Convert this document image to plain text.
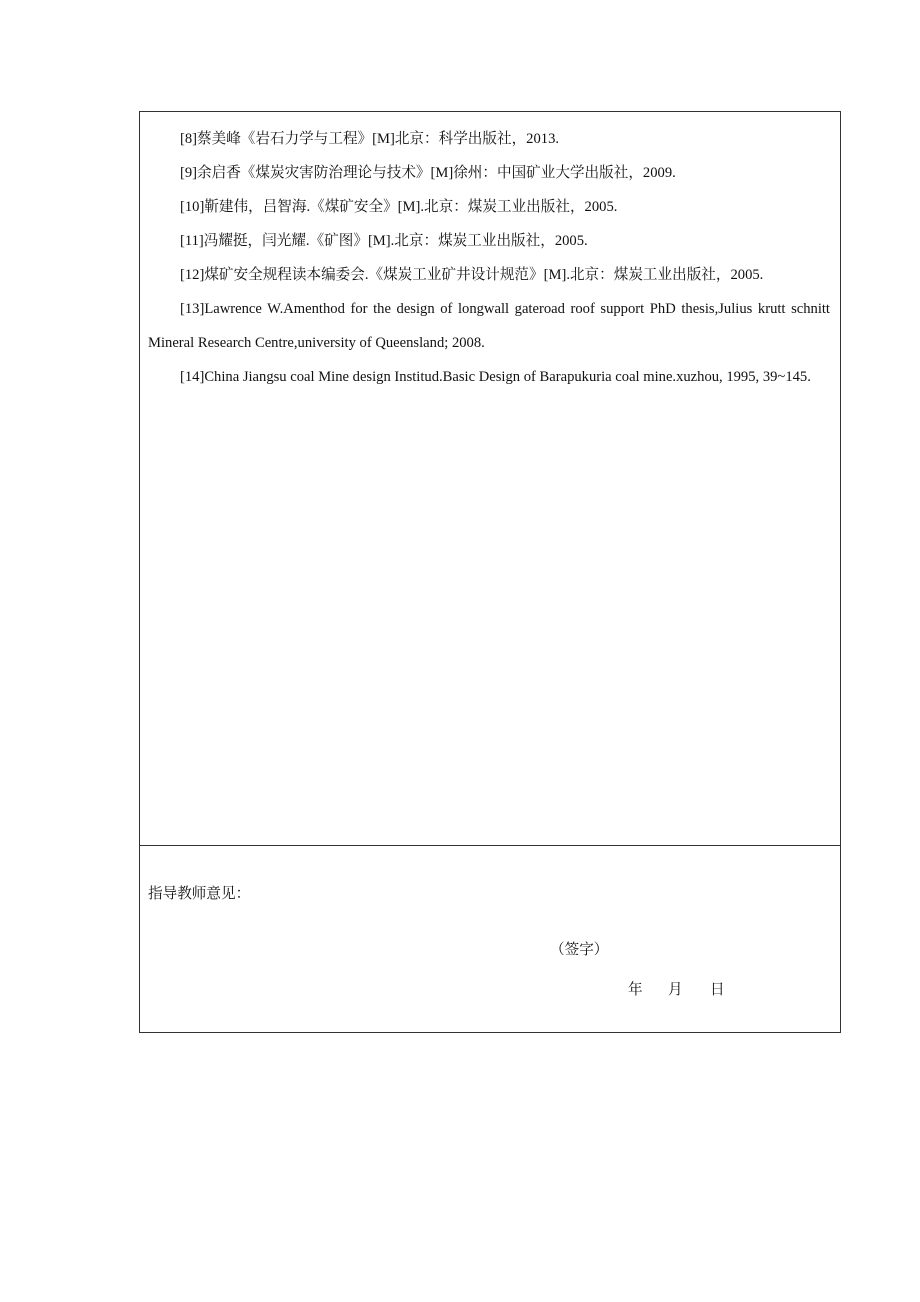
[8]蔡美峰《岩石力学与工程》[M]北京：科学出版社，2013.

[9]余启香《煤炭灾害防治理论与技术》[M]徐州：中国矿业大学出版社，2009.

[10]靳建伟，吕智海.《煤矿安全》[M].北京：煤炭工业出版社，2005.

[11]冯耀挺，闫光耀.《矿图》[M].北京：煤炭工业出版社，2005.

[12]煤矿安全规程读本编委会.《煤炭工业矿井设计规范》[M].北京：煤炭工业出版社，2005.

[13]Lawrence W.Amenthod for the design of longwall gateroad roof support PhD thesis,Julius krutt schnitt Mineral Research Centre,university of Queensland; 2008.

[14]China Jiangsu coal Mine design Institud.Basic Design of Barapukuria coal mine.xuzhou, 1995, 39~145.

指导教师意见：
（签字）
年	月	日
